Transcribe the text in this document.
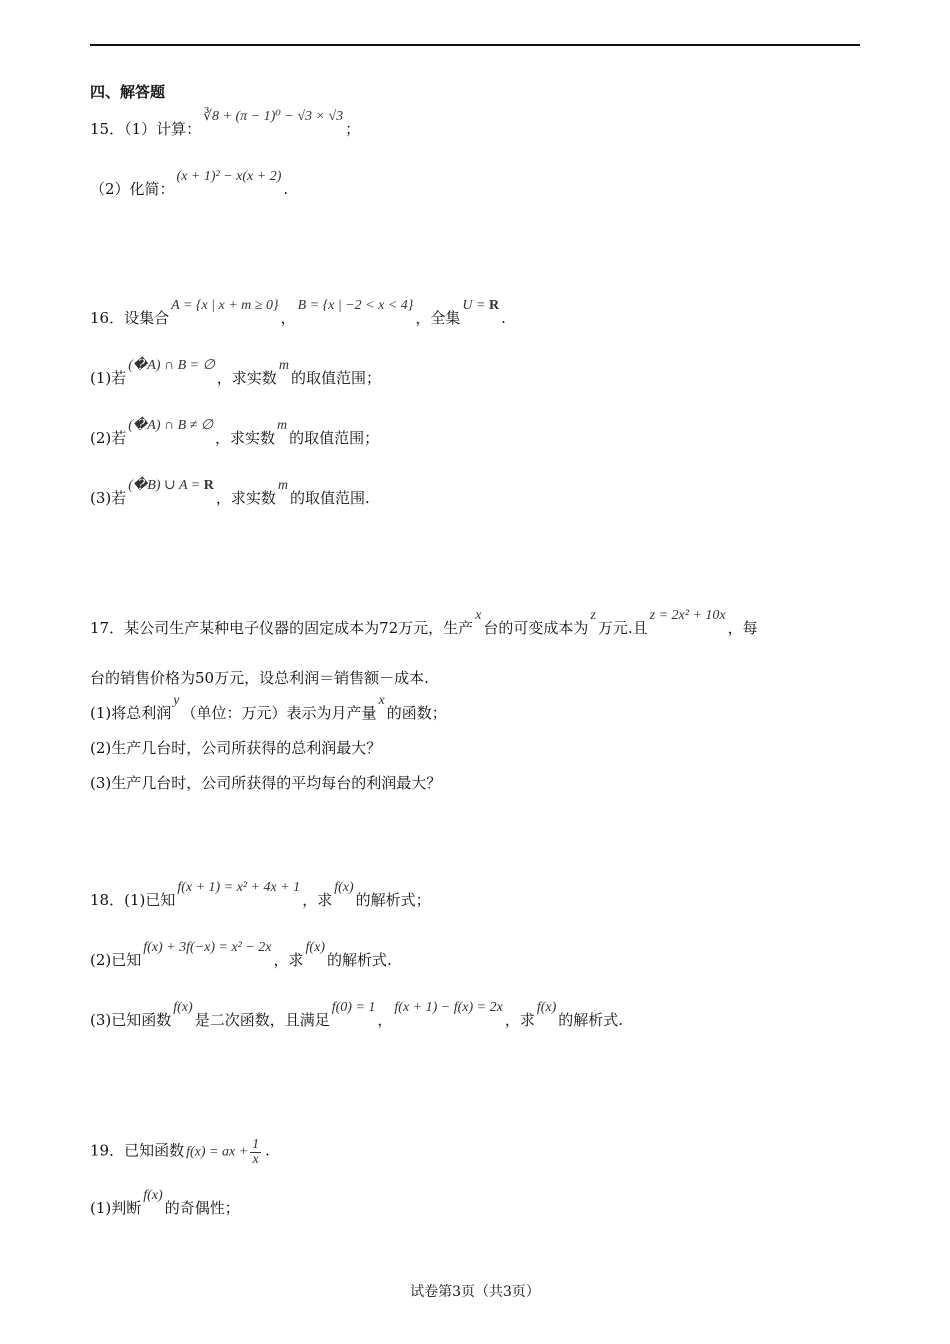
四、解答题
15．（1）计算：∛8 + (π − 1)⁰ − √3 × √3；
（2）化简：(x + 1)² − x(x + 2).
16．设集合A = {x | x + m ≥ 0}，B = {x | −2 < x < 4}，全集U = R.
(1)若(�A) ∩ B = ∅，求实数m的取值范围；
(2)若(�A) ∩ B ≠ ∅，求实数m的取值范围；
(3)若(�B) ∪ A = R，求实数m的取值范围.
17．某公司生产某种电子仪器的固定成本为72万元，生产x台的可变成本为z万元.且z = 2x² + 10x，每
台的销售价格为50万元，设总利润＝销售额－成本.
(1)将总利润y（单位：万元）表示为月产量x的函数；
(2)生产几台时，公司所获得的总利润最大？
(3)生产几台时，公司所获得的平均每台的利润最大？
18．(1)已知f(x + 1) = x² + 4x + 1，求f(x)的解析式；
(2)已知f(x) + 3f(−x) = x² − 2x，求f(x)的解析式.
(3)已知函数f(x)是二次函数，且满足f(0) = 1，f(x + 1) − f(x) = 2x，求f(x)的解析式.
19．已知函数 f(x) = ax + $\frac{1}{x}$ .
(1)判断f(x)的奇偶性；
试卷第3页（共3页）
